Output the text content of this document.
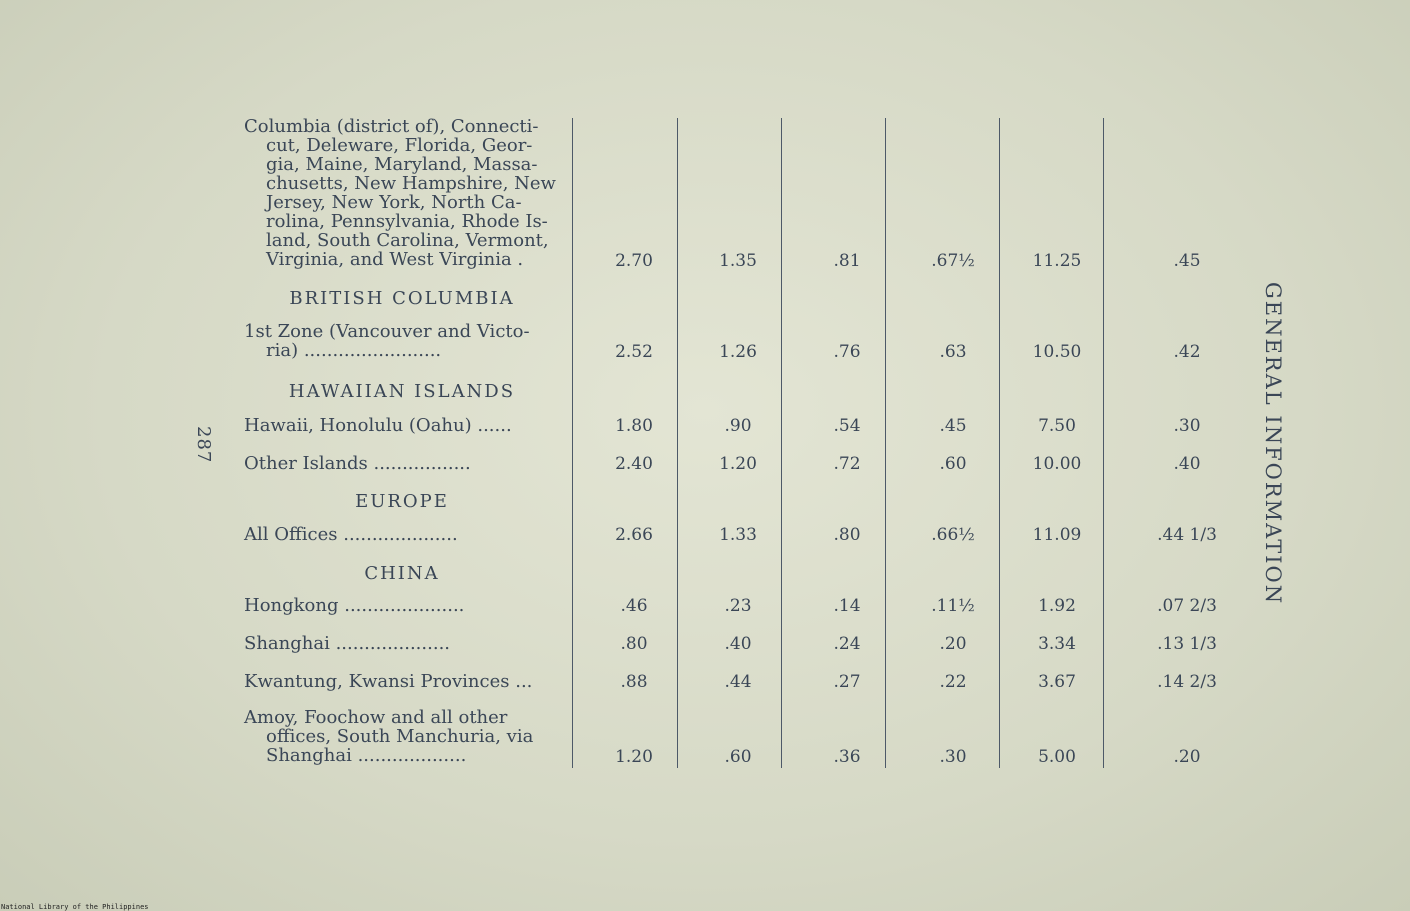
287	GENERAL INFORMATION
Columbia (district of), Connecti-
cut, Deleware, Florida, Geor-
gia, Maine, Maryland, Massa-
chusetts, New Hampshire, New
Jersey, New York, North Ca-
rolina, Pennsylvania, Rhode Is-
land, South Carolina, Vermont,
Virginia, and West Virginia .	2.70	1.35	.81	.67½	11.25	.45
BRITISH COLUMBIA
1st Zone (Vancouver and Victo-
ria) ........................	2.52	1.26	.76	.63	10.50	.42
HAWAIIAN ISLANDS
Hawaii, Honolulu (Oahu) ......	1.80	.90	.54	.45	7.50	.30
Other Islands .................	2.40	1.20	.72	.60	10.00	.40
EUROPE
All Offices ....................	2.66	1.33	.80	.66½	11.09	.44 1/3
CHINA
Hongkong .....................	.46	.23	.14	.11½	1.92	.07 2/3
Shanghai ....................	.80	.40	.24	.20	3.34	.13 1/3
Kwantung, Kwansi Provinces ...	.88	.44	.27	.22	3.67	.14 2/3
Amoy, Foochow and all other
offices, South Manchuria, via
Shanghai ...................	1.20	.60	.36	.30	5.00	.20
National Library of the Philippines
